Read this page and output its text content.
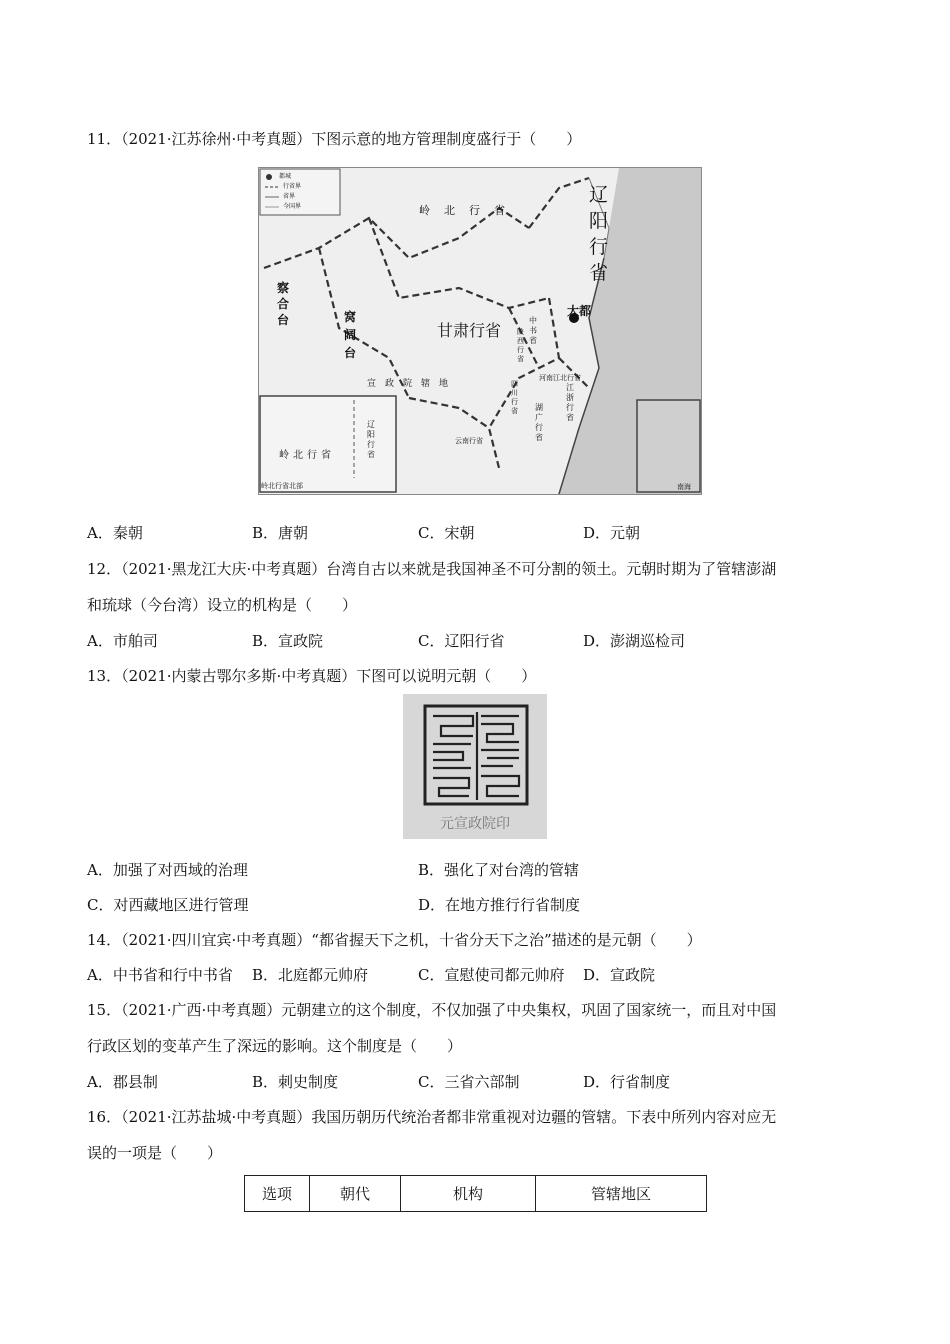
11．（2021·江苏徐州·中考真题）下图示意的地方管理制度盛行于（　　）
都城
行省界
省界
今国界
辽阳行省
岭北行省
甘肃行省
大都
察合台	窝阔台
宣政院辖地
中书省
陕西行省
河南江北行省
四川行省
江浙行省
湖广行省
云南行省
岭北行省
辽阳行省
岭北行省北部	南海
A．秦朝	B．唐朝	C．宋朝	D．元朝
12．（2021·黑龙江大庆·中考真题）台湾自古以来就是我国神圣不可分割的领土。元朝时期为了管辖澎湖
和琉球（今台湾）设立的机构是（　　）
A．市舶司	B．宣政院	C．辽阳行省	D．澎湖巡检司
13．（2021·内蒙古鄂尔多斯·中考真题）下图可以说明元朝（　　）
元宣政院印
A．加强了对西域的治理	B．强化了对台湾的管辖
C．对西藏地区进行管理	D．在地方推行行省制度
14．（2021·四川宜宾·中考真题）“都省握天下之机，十省分天下之治”描述的是元朝（　　）
A．中书省和行中书省 B．北庭都元帅府	C．宣慰使司都元帅府 D．宣政院
15．（2021·广西·中考真题）元朝建立的这个制度，不仅加强了中央集权，巩固了国家统一，而且对中国
行政区划的变革产生了深远的影响。这个制度是（　　）
A．郡县制	B．刺史制度	C．三省六部制	D．行省制度
16．（2021·江苏盐城·中考真题）我国历朝历代统治者都非常重视对边疆的管辖。下表中所列内容对应无
误的一项是（　　）
选项	朝代	机构	管辖地区
